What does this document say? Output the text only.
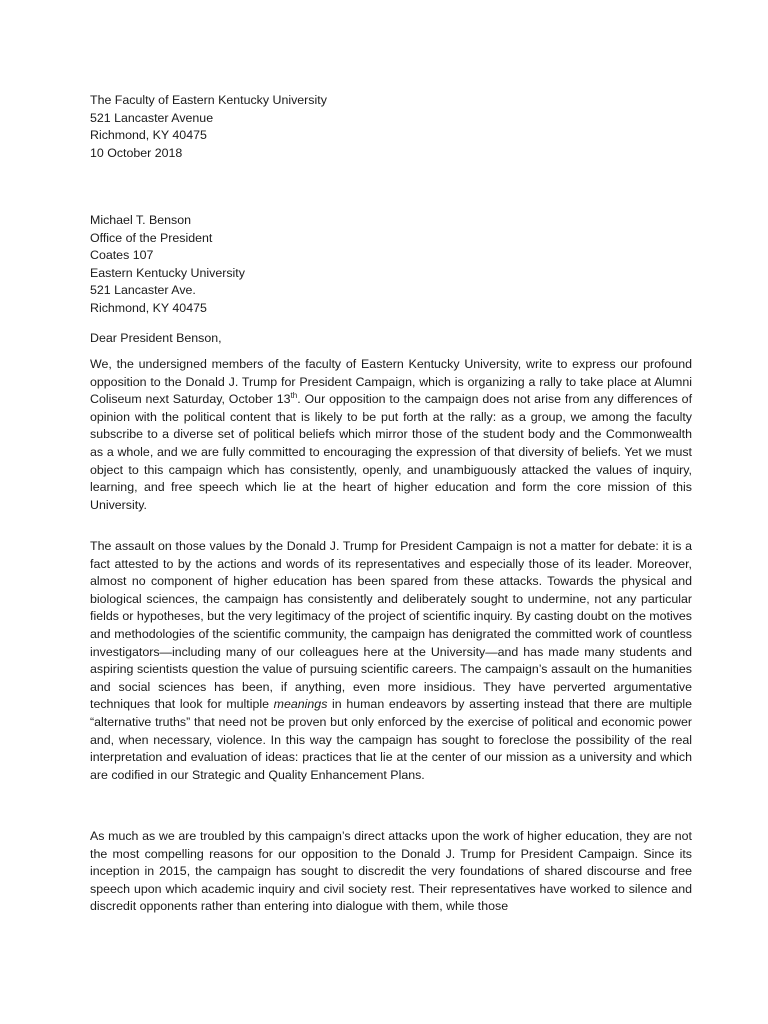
The Faculty of Eastern Kentucky University
521 Lancaster Avenue
Richmond, KY 40475
10 October 2018
Michael T. Benson
Office of the President
Coates 107
Eastern Kentucky University
521 Lancaster Ave.
Richmond, KY 40475
Dear President Benson,

We, the undersigned members of the faculty of Eastern Kentucky University, write to express our profound opposition to the Donald J. Trump for President Campaign, which is organizing a rally to take place at Alumni Coliseum next Saturday, October 13th. Our opposition to the campaign does not arise from any differences of opinion with the political content that is likely to be put forth at the rally: as a group, we among the faculty subscribe to a diverse set of political beliefs which mirror those of the student body and the Commonwealth as a whole, and we are fully committed to encouraging the expression of that diversity of beliefs. Yet we must object to this campaign which has consistently, openly, and unambiguously attacked the values of inquiry, learning, and free speech which lie at the heart of higher education and form the core mission of this University.

The assault on those values by the Donald J. Trump for President Campaign is not a matter for debate: it is a fact attested to by the actions and words of its representatives and especially those of its leader. Moreover, almost no component of higher education has been spared from these attacks. Towards the physical and biological sciences, the campaign has consistently and deliberately sought to undermine, not any particular fields or hypotheses, but the very legitimacy of the project of scientific inquiry. By casting doubt on the motives and methodologies of the scientific community, the campaign has denigrated the committed work of countless investigators—including many of our colleagues here at the University—and has made many students and aspiring scientists question the value of pursuing scientific careers. The campaign’s assault on the humanities and social sciences has been, if anything, even more insidious. They have perverted argumentative techniques that look for multiple meanings in human endeavors by asserting instead that there are multiple “alternative truths” that need not be proven but only enforced by the exercise of political and economic power and, when necessary, violence. In this way the campaign has sought to foreclose the possibility of the real interpretation and evaluation of ideas: practices that lie at the center of our mission as a university and which are codified in our Strategic and Quality Enhancement Plans.

As much as we are troubled by this campaign’s direct attacks upon the work of higher education, they are not the most compelling reasons for our opposition to the Donald J. Trump for President Campaign. Since its inception in 2015, the campaign has sought to discredit the very foundations of shared discourse and free speech upon which academic inquiry and civil society rest. Their representatives have worked to silence and discredit opponents rather than entering into dialogue with them, while those
